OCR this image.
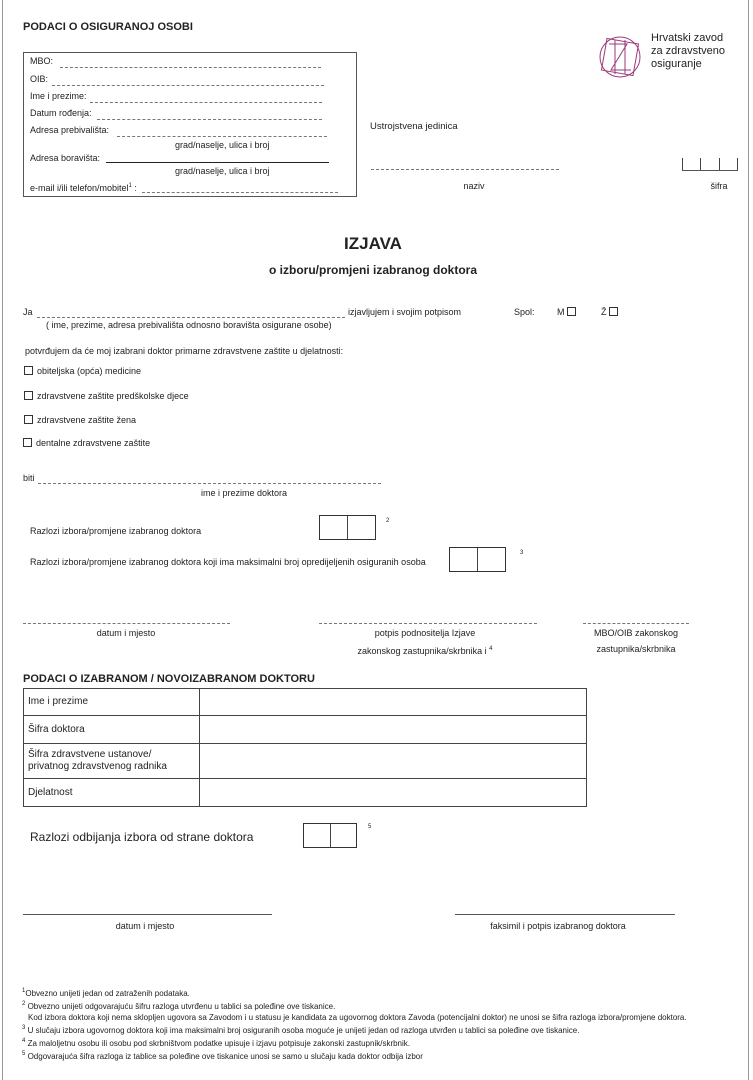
PODACI O OSIGURANOJ OSOBI
MBO:
OIB:
Ime i prezime:
Datum rođenja:
Adresa prebivališta:
grad/naselje, ulica i broj
Adresa boravišta:
grad/naselje, ulica i broj
e-mail i/ili telefon/mobitel$^1$ :
Hrvatski zavod
za zdravstveno
osiguranje
Ustrojstvena jedinica
naziv	šifra
IZJAVA
o izboru/promjeni izabranog doktora
Ja	izjavljujem i svojim potpisom
( ime, prezime, adresa prebivališta odnosno boravišta osigurane osobe)
Spol: M	Ž
potvrđujem da će moj izabrani doktor primarne zdravstvene zaštite u djelatnosti:
obiteljska (opća) medicine
zdravstvene zaštite predškolske djece
zdravstvene zaštite žena
dentalne zdravstvene zaštite
biti
ime i prezime doktora
Razlozi izbora/promjene izabranog doktora
2
Razlozi izbora/promjene izabranog doktora koji ima maksimalni broj opredijeljenih osiguranih osoba
3
datum i mjesto	potpis podnositelja Izjave
zakonskog zastupnika/skrbnika i $^4$
MBO/OIB zakonskog
zastupnika/skrbnika
PODACI O IZABRANOM / NOVOIZABRANOM DOKTORU
Ime i prezime	
Šifra doktora	

Šifra zdravstvene ustanove/
privatnog zdravstvenog radnika	

Djelatnost	
Razlozi odbijanja izbora od strane doktora
5
datum i mjesto	faksimil i potpis izabranog doktora
$^1$Obvezno unijeti jedan od zatraženih podataka.
$^2$ Obvezno unijeti odgovarajuću šifru razloga utvrđenu u tablici sa poleđine ove tiskanice.
Kod izbora doktora koji nema sklopljen ugovora sa Zavodom i u statusu je kandidata za ugovornog doktora Zavoda (potencijalni doktor) ne unosi se šifra razloga izbora/promjene doktora.
$^3$ U slučaju izbora ugovornog doktora koji ima maksimalni broj osiguranih osoba moguće je unijeti jedan od razloga utvrđen u tablici sa poleđine ove tiskanice.
$^4$ Za maloljetnu osobu ili osobu pod skrbništvom podatke upisuje i izjavu potpisuje zakonski zastupnik/skrbnik.
$^5$ Odgovarajuća šifra razloga iz tablice sa poleđine ove tiskanice unosi se samo u slučaju kada doktor odbija izbor
